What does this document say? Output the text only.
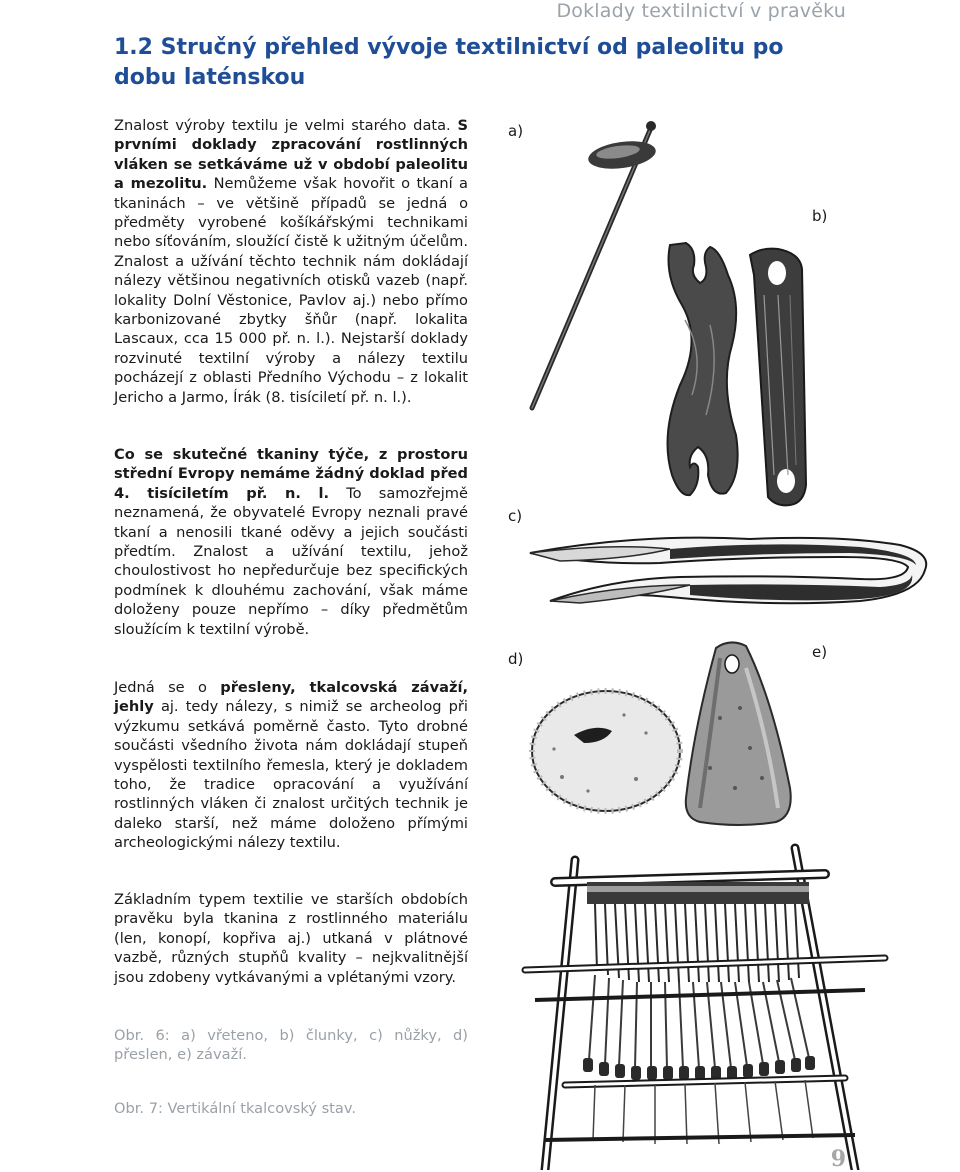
Doklady textilnictví v pravěku
1.2 Stručný přehled vývoje textilnictví od paleolitu po dobu laténskou

Znalost výroby textilu je velmi starého data. S prvními doklady zpracování rostlinných vláken se setkáváme už v období paleolitu a mezolitu. Nemůžeme však hovořit o tkaní a tkaninách – ve většině případů se jedná o předměty vyrobené košíkářskými technikami nebo síťováním, sloužící čistě k užitným účelům. Znalost a užívání těchto technik nám dokládají nálezy většinou negativních otisků vazeb (např. lokality Dolní Věstonice, Pavlov aj.) nebo přímo karbonizované zbytky šňůr (např. lokalita Lascaux, cca 15 000 př. n. l.). Nejstarší doklady rozvinuté textilní výroby a nálezy textilu pocházejí z oblasti Předního Východu – z lokalit Jericho a Jarmo, Írák (8. tisíciletí př. n. l.).

Co se skutečné tkaniny týče, z prostoru střední Evropy nemáme žádný doklad před 4. tisíciletím př. n. l. To samozřejmě neznamená, že obyvatelé Evropy neznali pravé tkaní a nenosili tkané oděvy a jejich součásti předtím. Znalost a užívání textilu, jehož choulostivost ho nepředurčuje bez specifických podmínek k dlouhému zachování, však máme doloženy pouze nepřímo – díky předmětům sloužícím k textilní výrobě.

Jedná se o přesleny, tkalcovská závaží, jehly aj. tedy nálezy, s nimiž se archeolog při výzkumu setkává poměrně často. Tyto drobné součásti všedního života nám dokládají stupeň vyspělosti textilního řemesla, který je dokladem toho, že tradice opracování a využívání rostlinných vláken či znalost určitých technik je daleko starší, než máme doloženo přímými archeologickými nálezy textilu.

Základním typem textilie ve starších obdobích pravěku byla tkanina z rostlinného materiálu (len, konopí, kopřiva aj.) utkaná v plátnové vazbě, různých stupňů kvality – nejkvalitnější jsou zdobeny vytkávanými a vplétanými vzory.

Obr. 6: a) vřeteno, b) člunky, c) nůžky, d) přeslen, e) závaží.

Obr. 7: Vertikální tkalcovský stav.

a)
b)
c)
d)	e)
9
